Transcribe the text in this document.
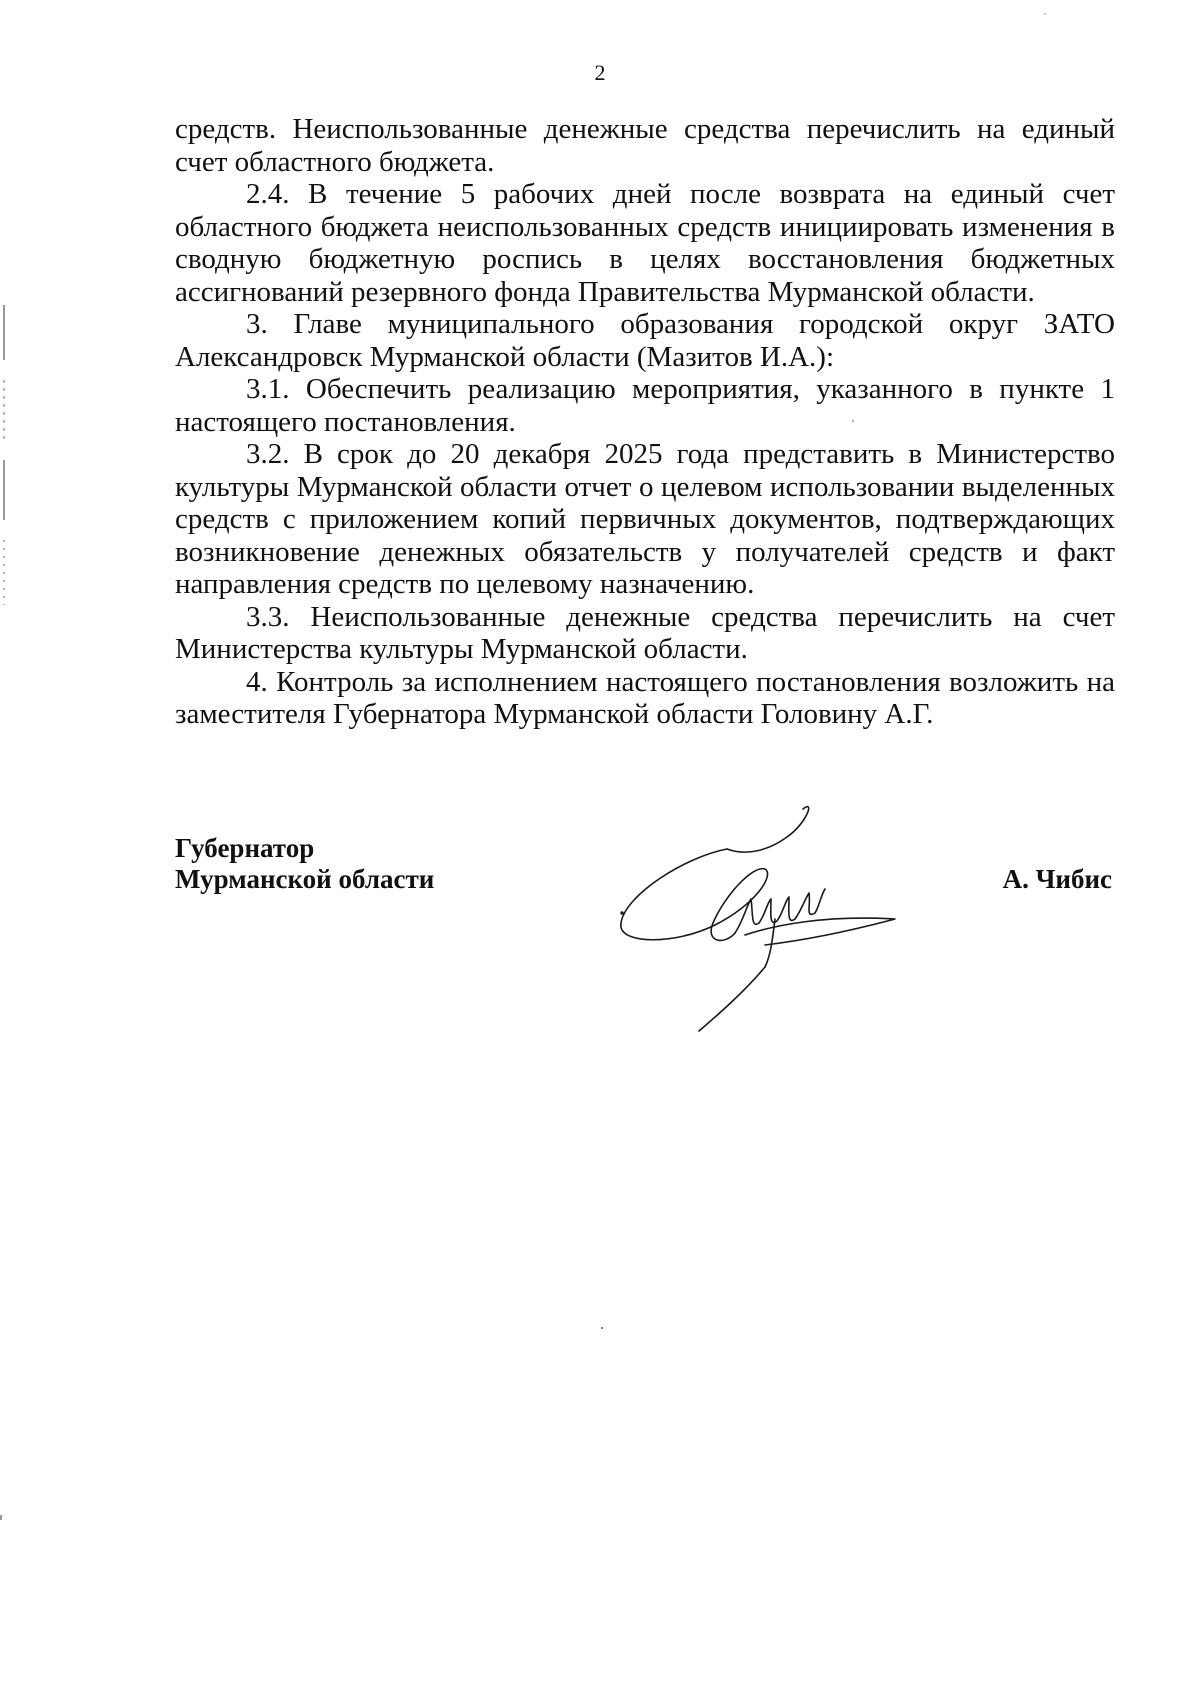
2

средств. Неиспользованные денежные средства перечислить на единый счет областного бюджета.

2.4. В течение 5 рабочих дней после возврата на единый счет областного бюджета неиспользованных средств инициировать изменения в сводную бюджетную роспись в целях восстановления бюджетных ассигнований резервного фонда Правительства Мурманской области.

3. Главе муниципального образования городской округ ЗАТО Александровск Мурманской области (Мазитов И.А.):

3.1. Обеспечить реализацию мероприятия, указанного в пункте 1 настоящего постановления.

3.2. В срок до 20 декабря 2025 года представить в Министерство культуры Мурманской области отчет о целевом использовании выделенных средств с приложением копий первичных документов, подтверждающих возникновение денежных обязательств у получателей средств и факт направления средств по целевому назначению.

3.3. Неиспользованные денежные средства перечислить на счет Министерства культуры Мурманской области.

4. Контроль за исполнением настоящего постановления возложить на заместителя Губернатора Мурманской области Головину А.Г.

Губернатор
Мурманской области	А. Чибис
